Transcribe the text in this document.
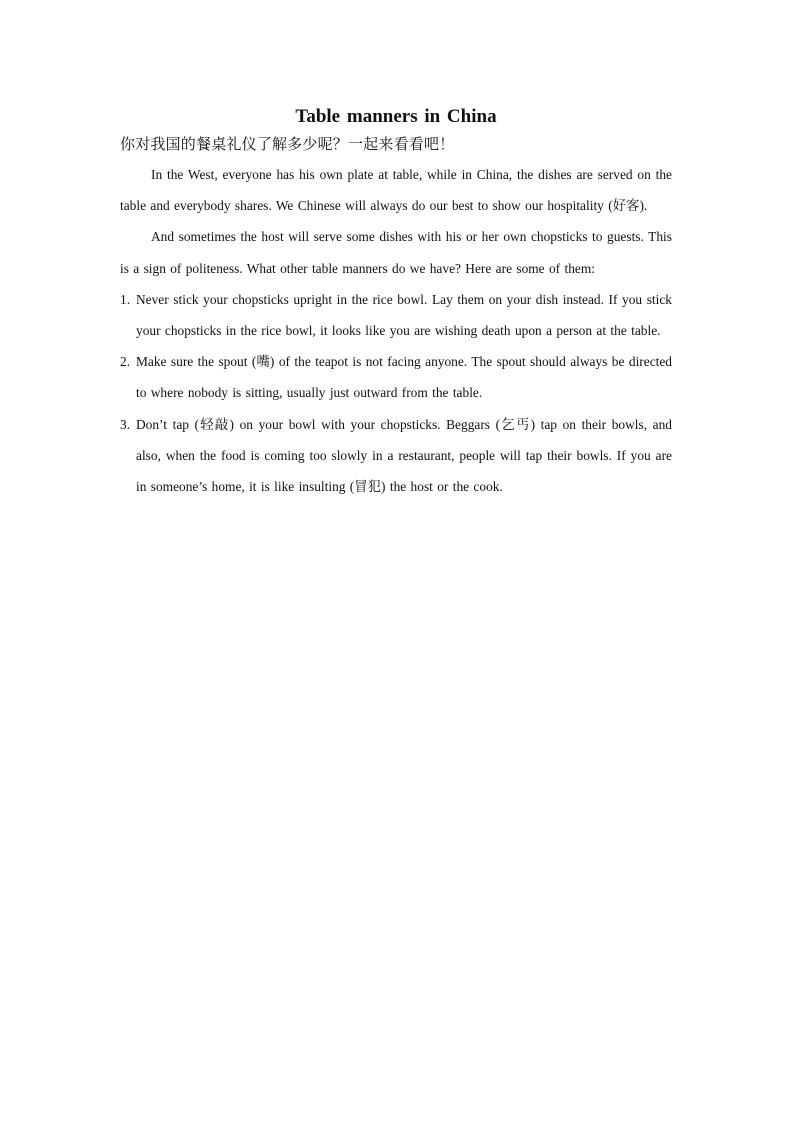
Table manners in China

你对我国的餐桌礼仪了解多少呢？一起来看看吧！

In the West, everyone has his own plate at table, while in China, the dishes are served on the table and everybody shares. We Chinese will always do our best to show our hospitality (好客).

And sometimes the host will serve some dishes with his or her own chopsticks to guests. This is a sign of politeness. What other table manners do we have? Here are some of them:

1. Never stick your chopsticks upright in the rice bowl. Lay them on your dish instead. If you stick your chopsticks in the rice bowl, it looks like you are wishing death upon a person at the table.
2. Make sure the spout (嘴) of the teapot is not facing anyone. The spout should always be directed to where nobody is sitting, usually just outward from the table.
3. Don’t tap (轻敲) on your bowl with your chopsticks. Beggars (乞丐) tap on their bowls, and also, when the food is coming too slowly in a restaurant, people will tap their bowls. If you are in someone’s home, it is like insulting (冒犯) the host or the cook.
